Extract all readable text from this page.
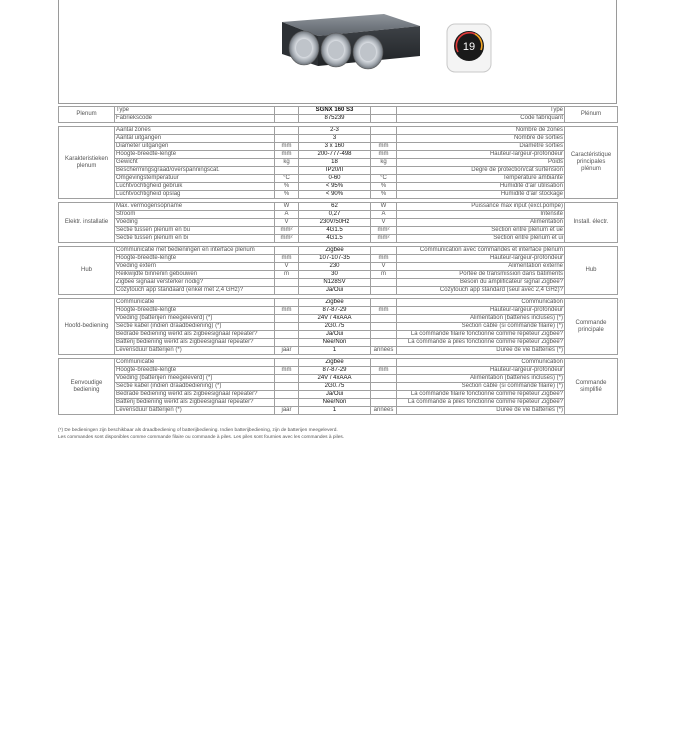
19
Plenum	Type		SGNX 160 S3		Type	Plénum
	Fabriekscode		875239		Code fabriquant	

Karakteristieken plenum	Aantal zones		2-3		Nombre de zones	Caractéristique principales plénum
	Aantal uitgangen		3		Nombre de sorties	
	Diameter uitgangen	mm	3 x 160	mm	Diamètre sorties	
	Hoogte-breedte-lengte	mm	200-777-498	mm	Hauteur-largeur-profondeur	
	Gewicht	kg	18	kg	Poids	
	Beschermingsgraad/overspanningscat.		IP20/II		Degré de protection/cat surtension	
	Omgevingstemperatuur	°C	0-60	°C	Température ambiante	
	Luchtvochtigheid gebruik	%	< 95%	%	Humidité d'air utilisation	
	Luchtvochtigheid opslag	%	< 90%	%	Humidité d'air stockage	

Elektr. installatie	Max. vermogensopname	W	62	W	Puissance max input (excl.pompe)	Install. électr.
	Stroom	A	0,27	A	Intensité	
	Voeding	V	230V/50Hz	V	Alimentation	
	Sectie tussen plenum en bu	mm²	4G1.5	mm²	Section entre plenum et ue	
	Sectie tussen plenum en bi	mm²	4G1.5	mm²	Section entre plenum et ui	

Hub	Communicatie met bedieningen en interface plenum		Zigbee		Communication avec commandes et interface plénum	Hub
	Hoogte-breedte-lengte	mm	107-107-35	mm	Hauteur-largeur-profondeur	
	Voeding extern	V	230	V	Alimentation externe	
	Reikwijdte binnenin gebouwen	m	30	m	Portée de transmission dans bâtiments	
	Zigbee signaal versterker nodig?		N128SV		Besoin du amplificateur signal Zigbee?	
	Cozytouch app standaard (enkel met 2,4 GHz)?		Ja/Oui		Cozytouch app standard (seul avec 2,4 GHz)?	

Hoofd-bediening	Communicatie		Zigbee		Communication	Commande principale
	Hoogte-breedte-lengte	mm	87-87-29	mm	Hauteur-largeur-profondeur	
	Voeding (batterijen meegeleverd) (*)		24V / 4xAAA		Alimentation (batteries incluses) (*)	
	Sectie kabel (indien draadbediening) (*)		2G0.75		Section câble (si commande filaire) (*)	
	Bedrade bediening werkt als zigbeesignaal repeater?		Ja/Oui		La commande filaire fonctionne comme répéteur Zigbee?	
	Batterij bediening werkt als zigbeesignaal repeater?		Nee/Non		La commande à piles fonctionne comme répéteur Zigbee?	
	Levensduur batterijen (*)	jaar	1	années	Durée de vie batteries (*)	

Eenvoudige bediening	Communicatie		Zigbee		Communication	Commande simplifié
	Hoogte-breedte-lengte	mm	87-87-29	mm	Hauteur-largeur-profondeur	
	Voeding (batterijen meegeleverd) (*)		24V / 4xAAA		Alimentation (batteries incluses) (*)	
	Sectie kabel (indien draadbediening) (*)		2G0.75		Section câble (si commande filaire) (*)	
	Bedrade bediening werkt als zigbeesignaal repeater?		Ja/Oui		La commande filaire fonctionne comme répéteur Zigbee?	
	Batterij bediening werkt als zigbeesignaal repeater?		Nee/Non		La commande à piles fonctionne comme répéteur Zigbee?	
	Levensduur batterijen (*)	jaar	1	années	Durée de vie batteries (*)	
(*) De bedieningen zijn beschikbaar als draadbediening of batterijbediening. Indien batterijbediening, zijn de batterijen meegeleverd.
Les commandes sont disponibles comme commande filaire ou commande à piles. Les piles sont fournies avec les commandes à piles.
